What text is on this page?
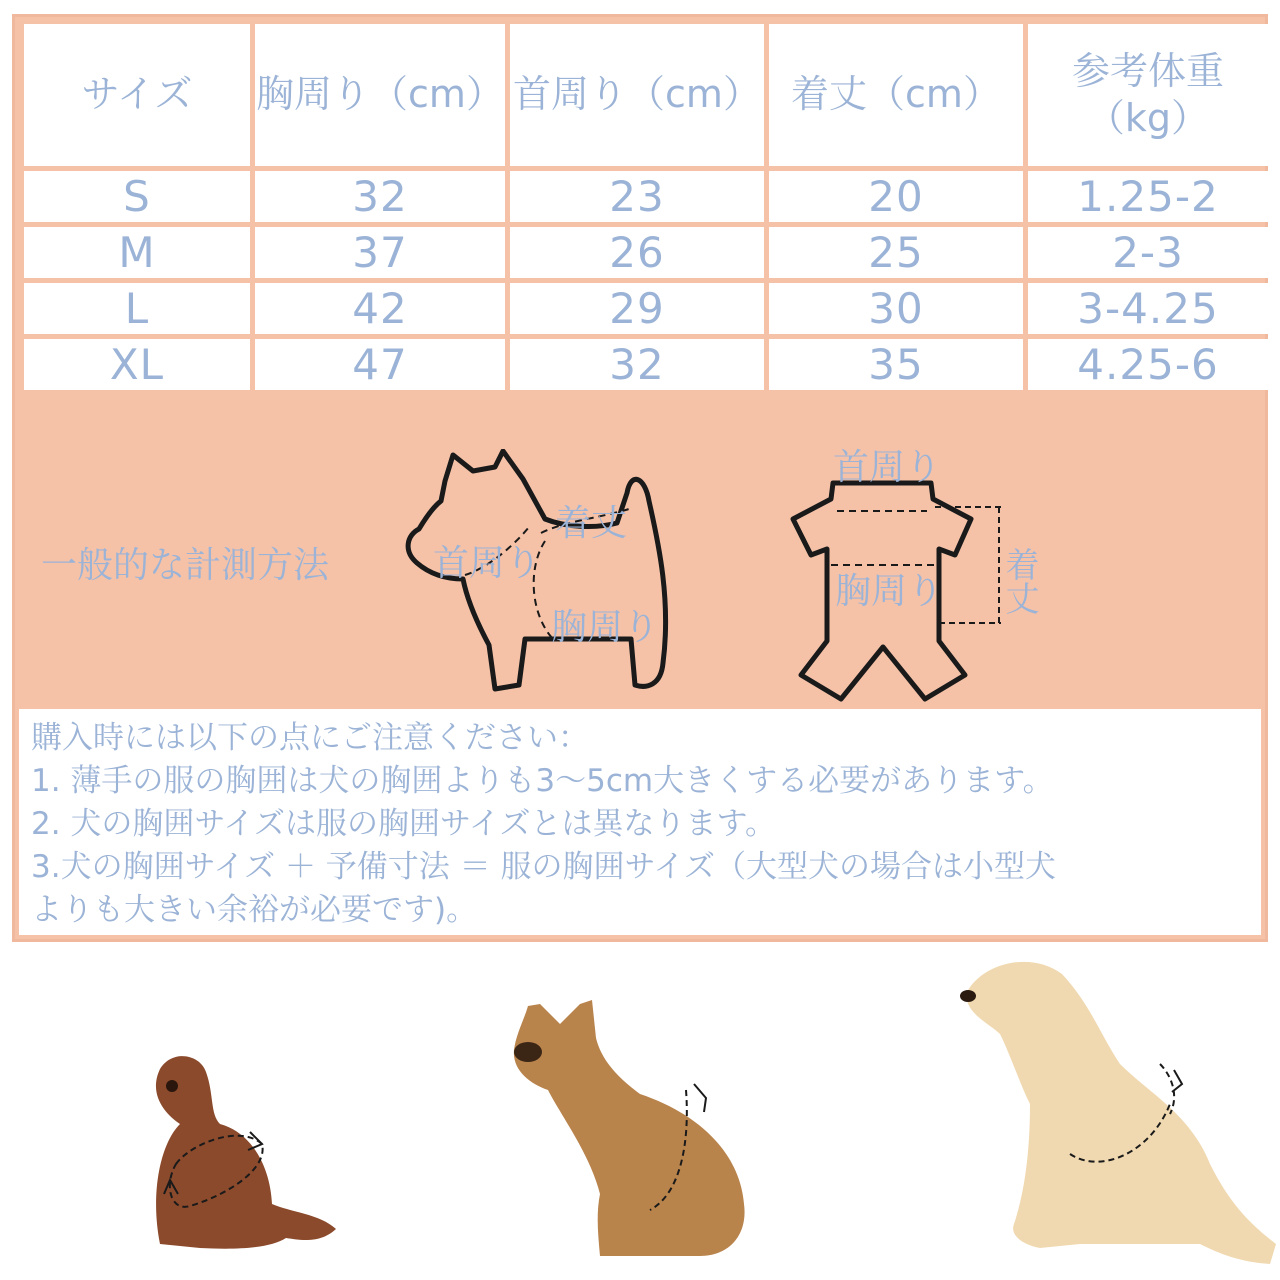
サイズ	胸周り（cm）	首周り（cm）	着丈（cm）	参考体重（kg）
S	32	23	20	1.25-2
M	37	26	25	2-3
L	42	29	30	3-4.25
XL	47	32	35	4.25-6
一般的な計測方法
着丈
首周り
胸周り
首周り
胸周り 着丈
購入時には以下の点にご注意ください：
1. 薄手の服の胸囲は犬の胸囲よりも3～5cm大きくする必要があります。
2. 犬の胸囲サイズは服の胸囲サイズとは異なります。
3.犬の胸囲サイズ ＋ 予備寸法 ＝ 服の胸囲サイズ（大型犬の場合は小型犬
よりも大きい余裕が必要です)。
